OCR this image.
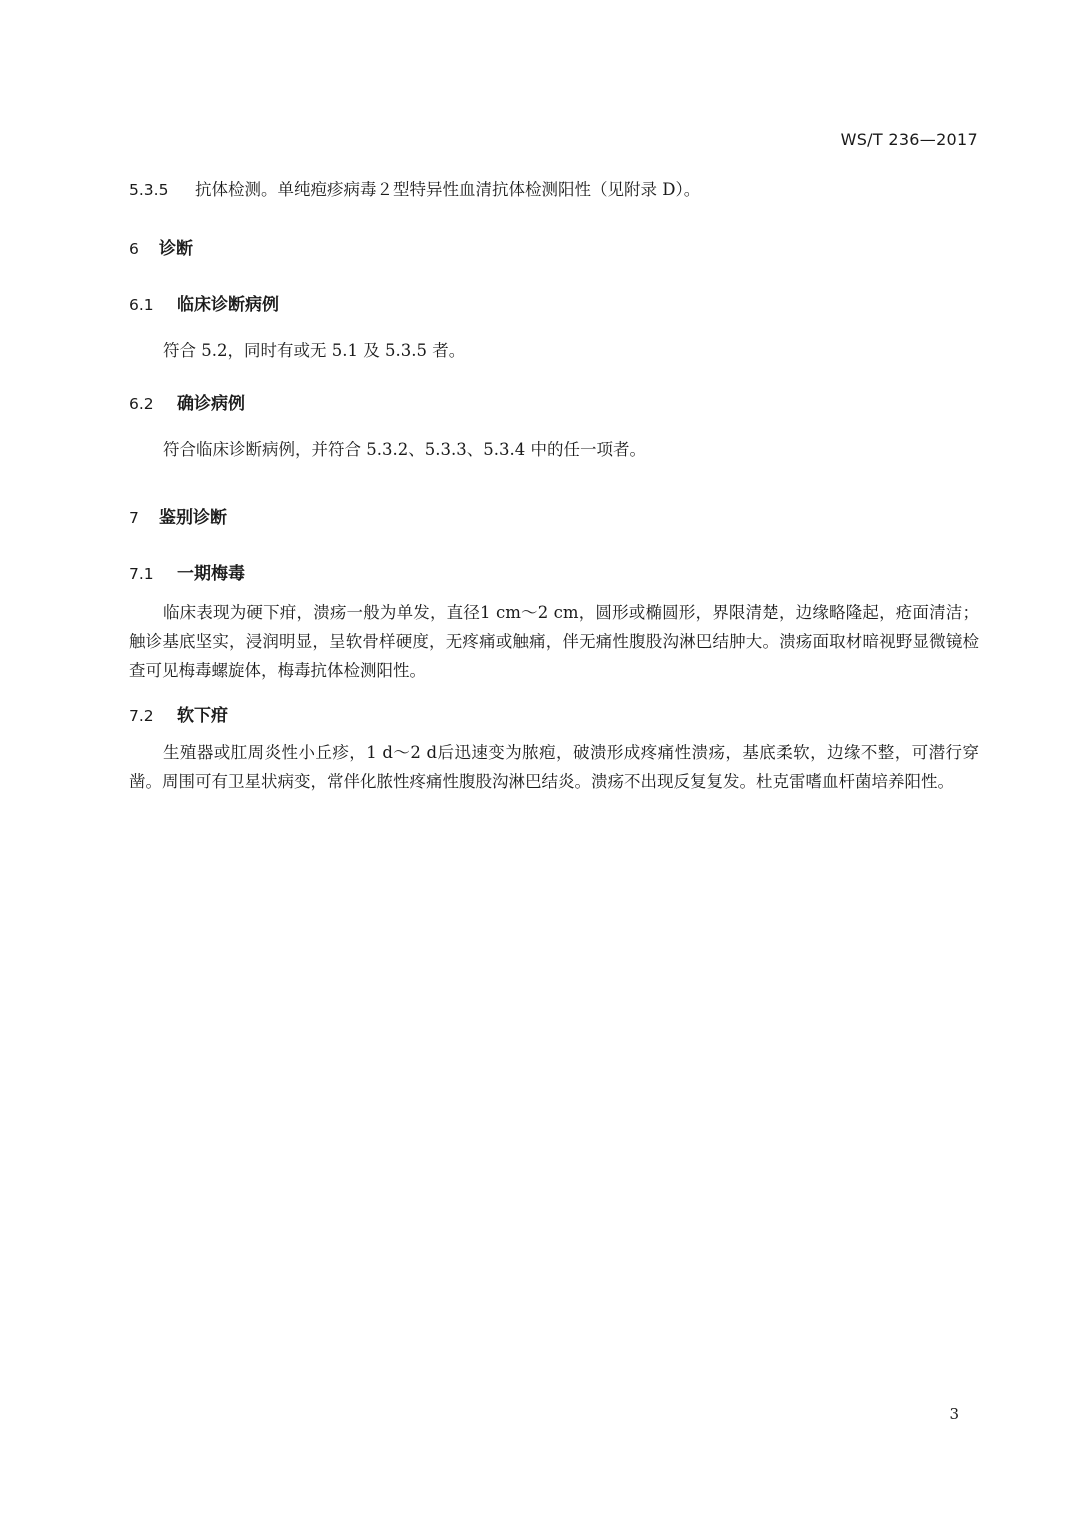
WS/T 236—2017
5.3.5 抗体检测。单纯疱疹病毒２型特异性血清抗体检测阳性（见附录 D）。
6 诊断
6.1 临床诊断病例
符合 5.2，同时有或无 5.1 及 5.3.5 者。
6.2 确诊病例
符合临床诊断病例，并符合 5.3.2、5.3.3、5.3.4 中的任一项者。
7 鉴别诊断
7.1 一期梅毒
临床表现为硬下疳，溃疡一般为单发，直径1 cm～2 cm，圆形或椭圆形，界限清楚，边缘略隆起，疮面清洁；触诊基底坚实，浸润明显，呈软骨样硬度，无疼痛或触痛，伴无痛性腹股沟淋巴结肿大。溃疡面取材暗视野显微镜检查可见梅毒螺旋体，梅毒抗体检测阳性。
7.2 软下疳
生殖器或肛周炎性小丘疹，1 d～2 d后迅速变为脓疱，破溃形成疼痛性溃疡，基底柔软，边缘不整，可潜行穿凿。周围可有卫星状病变，常伴化脓性疼痛性腹股沟淋巴结炎。溃疡不出现反复复发。杜克雷嗜血杆菌培养阳性。
3
